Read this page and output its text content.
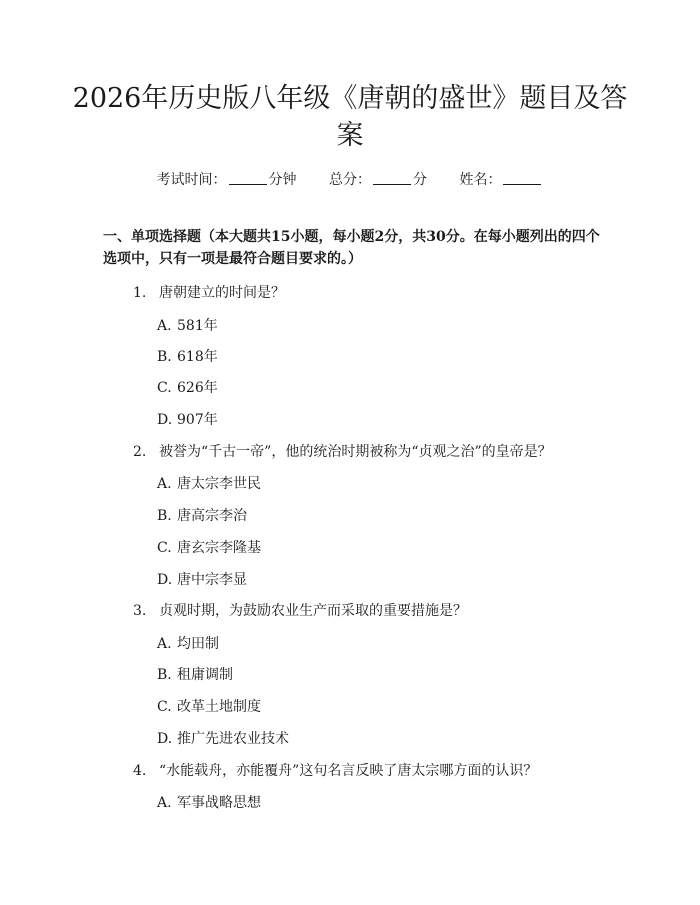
2026年历史版八年级《唐朝的盛世》题目及答案
考试时间：	分钟 总分：	分 姓名：
一、单项选择题（本大题共15小题，每小题2分，共30分。在每小题列出的四个选项中，只有一项是最符合题目要求的。）
1. 唐朝建立的时间是？
A. 581年
B. 618年
C. 626年
D. 907年
2. 被誉为“千古一帝”，他的统治时期被称为“贞观之治”的皇帝是？
A. 唐太宗李世民
B. 唐高宗李治
C. 唐玄宗李隆基
D. 唐中宗李显
3. 贞观时期，为鼓励农业生产而采取的重要措施是？
A. 均田制
B. 租庸调制
C. 改革土地制度
D. 推广先进农业技术
4. “水能载舟，亦能覆舟”这句名言反映了唐太宗哪方面的认识？
A. 军事战略思想
